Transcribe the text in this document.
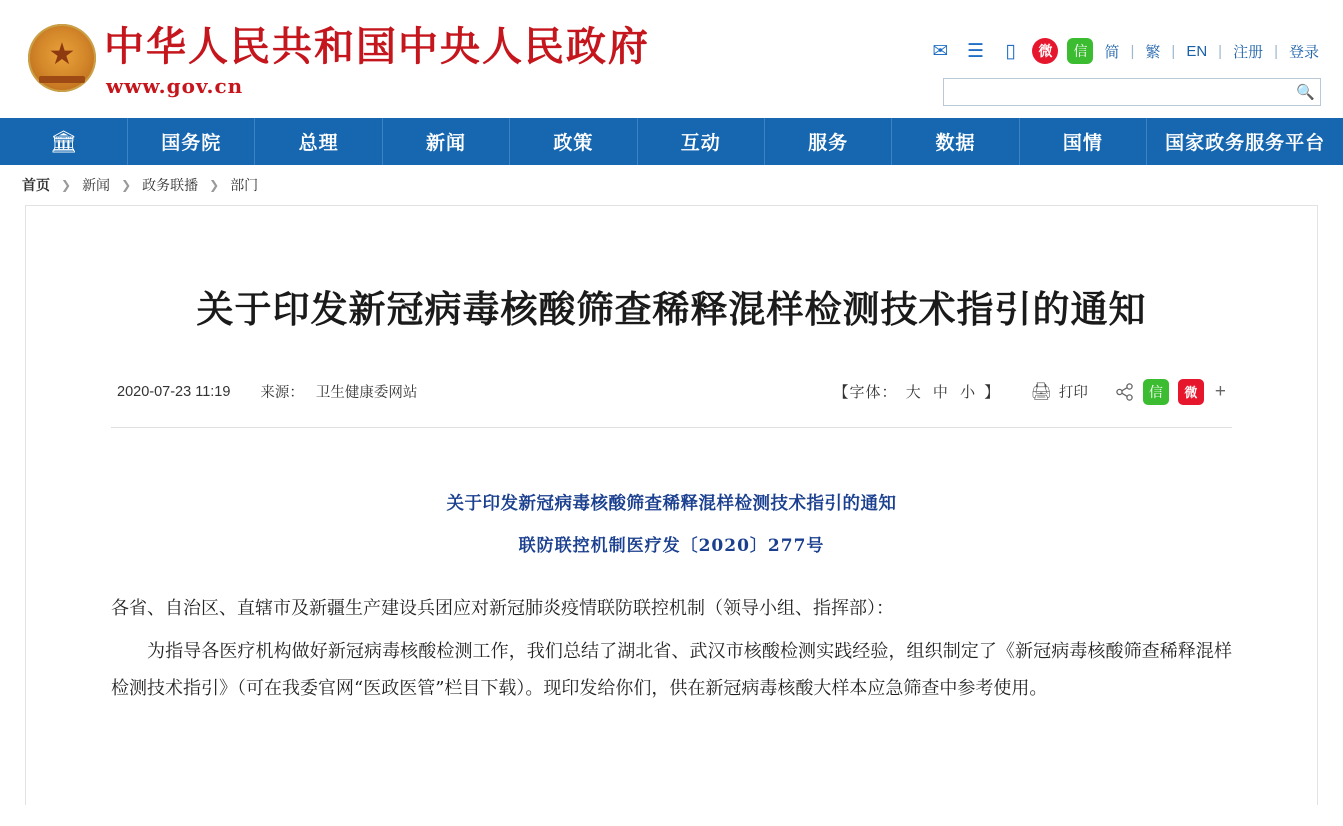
★
中华人民共和国中央人民政府
www.gov.cn
✉ ☰	▯	微	信	简 | 繁 | EN | 注册 | 登录
🔍
🏛	国务院	总理	新闻	政策	互动	服务	数据	国情	国家政务服务平台
首页 ❯ 新闻 ❯ 政务联播 ❯ 部门
关于印发新冠病毒核酸筛查稀释混样检测技术指引的通知
2020-07-23 11:19 来源： 卫生健康委网站	【字体： 大 中 小 】 🖨 打印	信	微 +
关于印发新冠病毒核酸筛查稀释混样检测技术指引的通知
联防联控机制医疗发〔2020〕277号

各省、自治区、直辖市及新疆生产建设兵团应对新冠肺炎疫情联防联控机制（领导小组、指挥部）：

为指导各医疗机构做好新冠病毒核酸检测工作，我们总结了湖北省、武汉市核酸检测实践经验，组织制定了《新冠病毒核酸筛查稀释混样检测技术指引》（可在我委官网“医政医管”栏目下载）。现印发给你们，供在新冠病毒核酸大样本应急筛查中参考使用。
